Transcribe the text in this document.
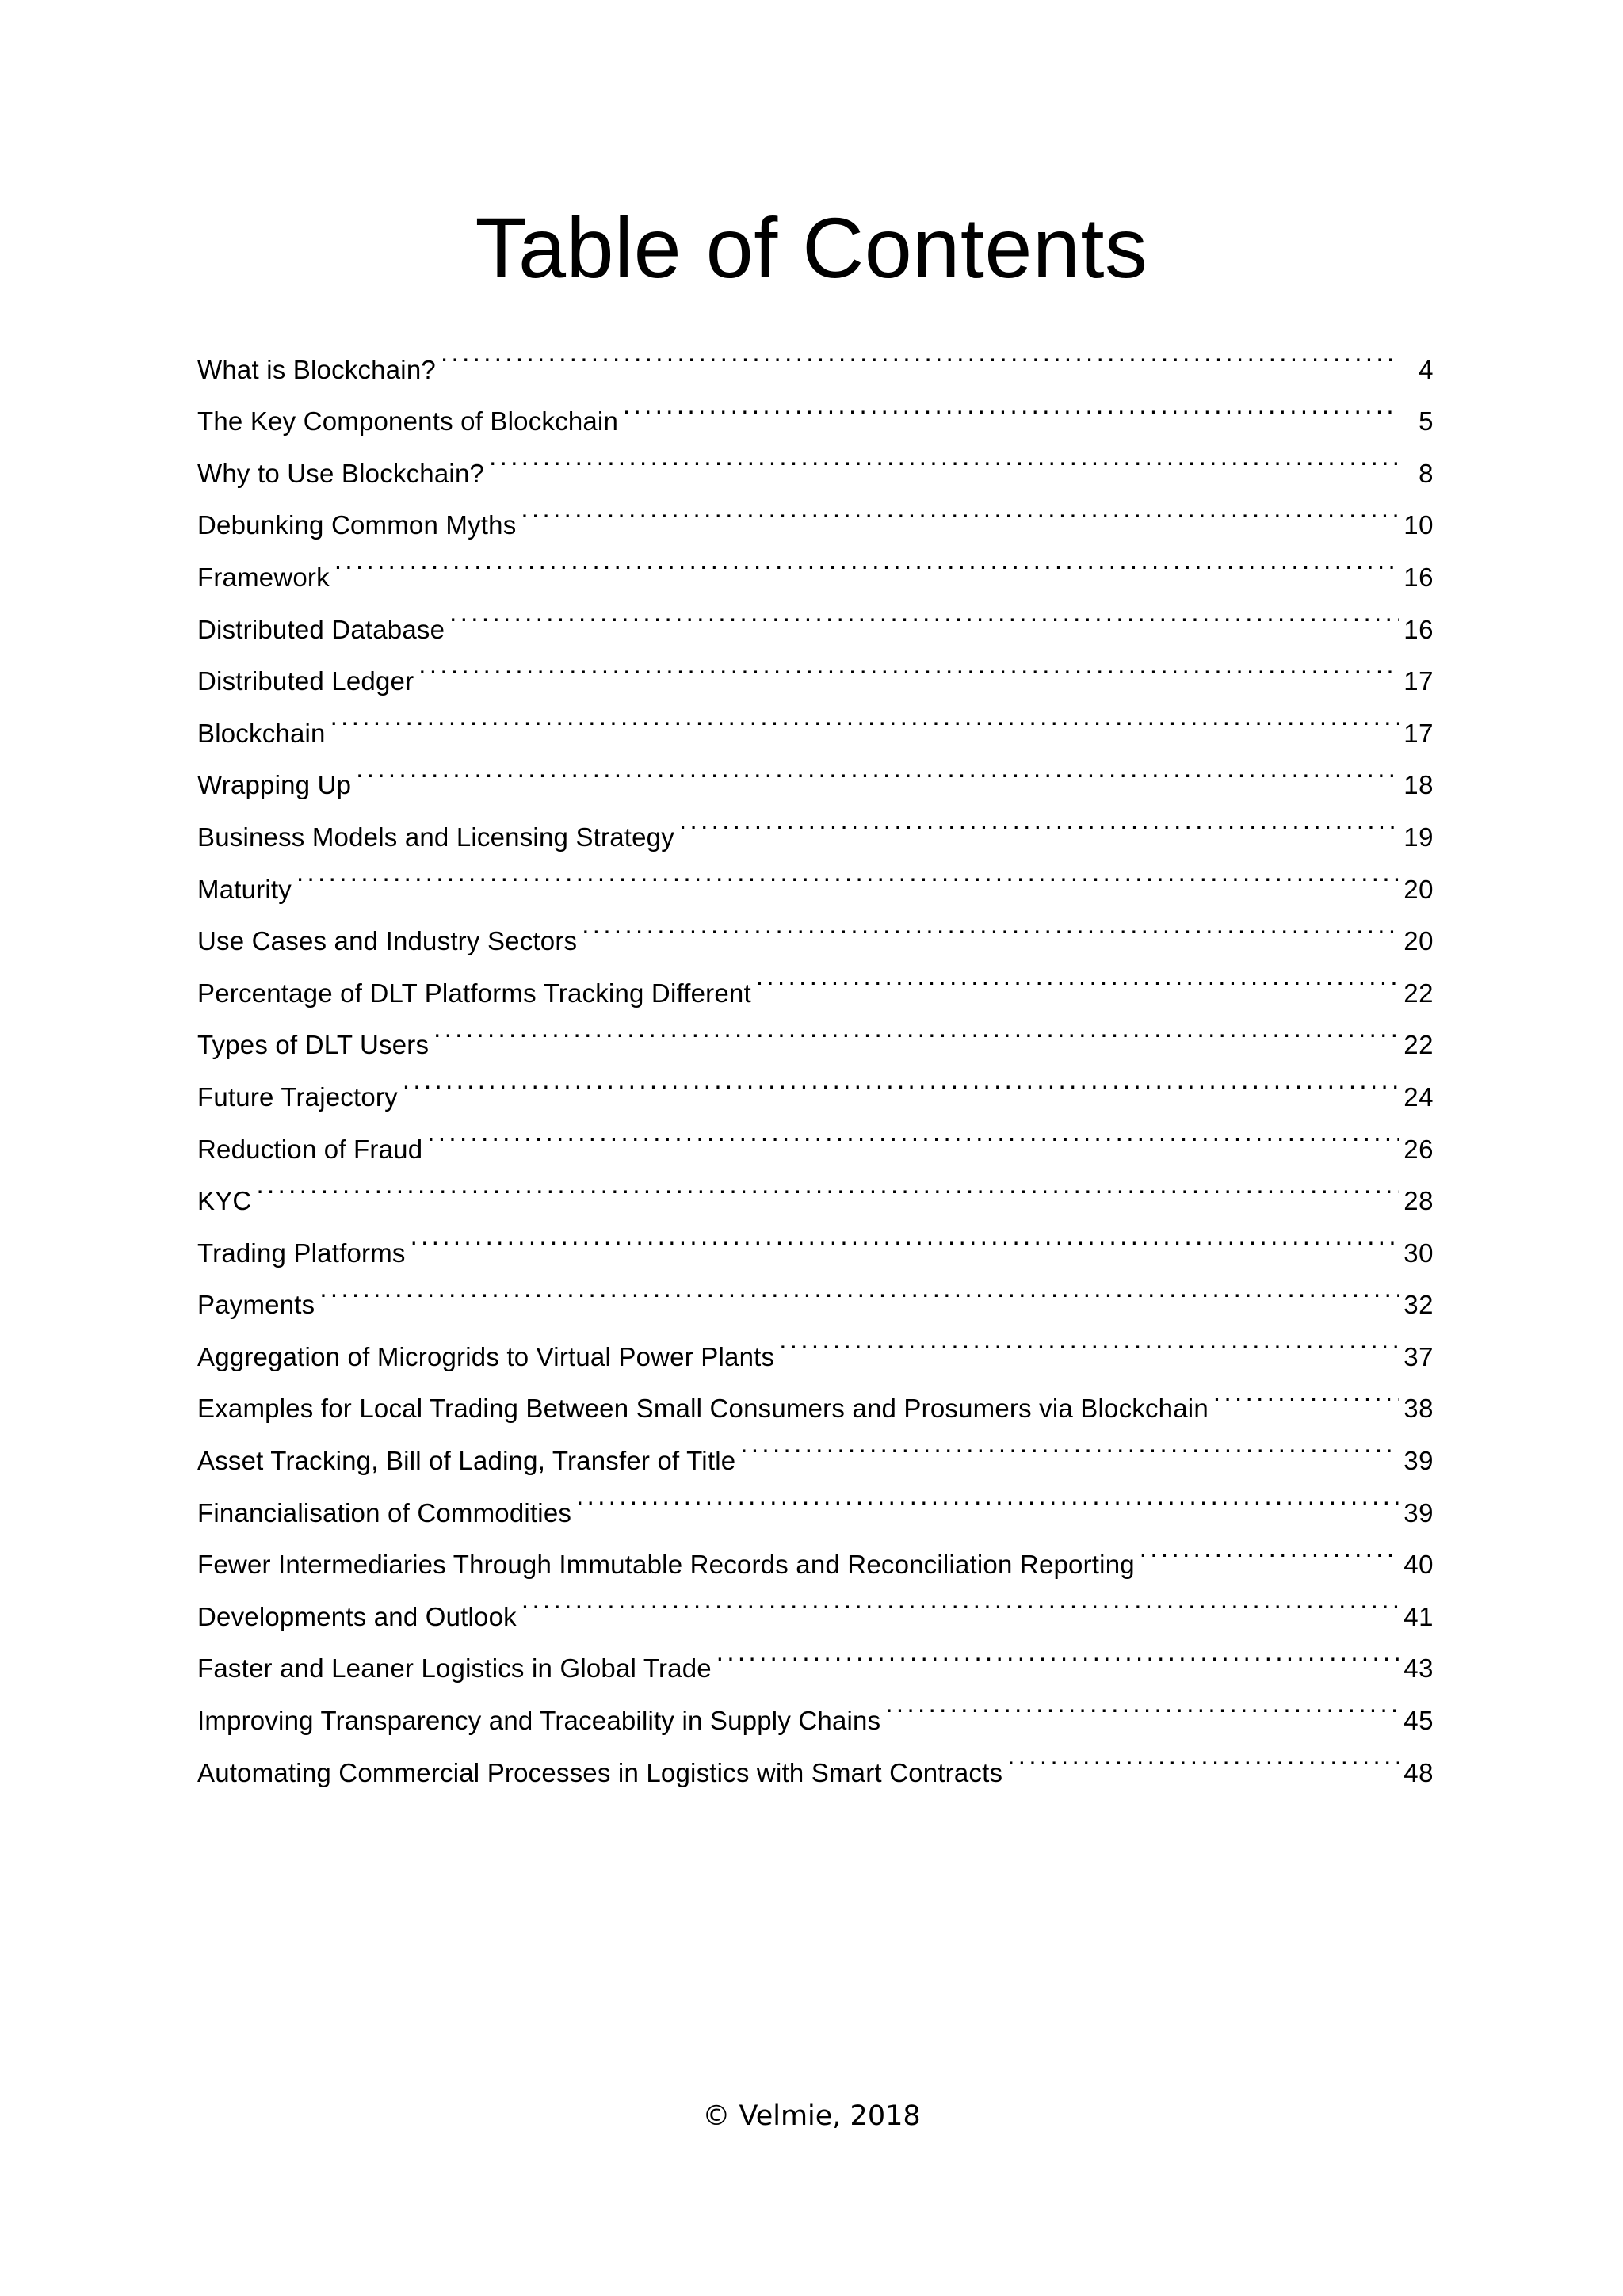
Table of Contents
What is Blockchain? .....	4
The Key Components of Blockchain .....	5
Why to Use Blockchain? .....	8
Debunking Common Myths .....	10
Framework .....	16
Distributed Database .....	16
Distributed Ledger .....	17
Blockchain .....	17
Wrapping Up .....	18
Business Models and Licensing Strategy .....	19
Maturity .....	20
Use Cases and Industry Sectors .....	20
Percentage of DLT Platforms Tracking Different .....	22
Types of DLT Users .....	22
Future Trajectory .....	24
Reduction of Fraud .....	26
KYC .....	28
Trading Platforms .....	30
Payments .....	32
Aggregation of Microgrids to Virtual Power Plants .....	37
Examples for Local Trading Between Small Consumers and Prosumers via Blockchain .....	38
Asset Tracking, Bill of Lading, Transfer of Title .....	39
Financialisation of Commodities .....	39
Fewer Intermediaries Through Immutable Records and Reconciliation Reporting .....	40
Developments and Outlook .....	41
Faster and Leaner Logistics in Global Trade .....	43
Improving Transparency and Traceability in Supply Chains .....	45
Automating Commercial Processes in Logistics with Smart Contracts .....	48
© Velmie, 2018
